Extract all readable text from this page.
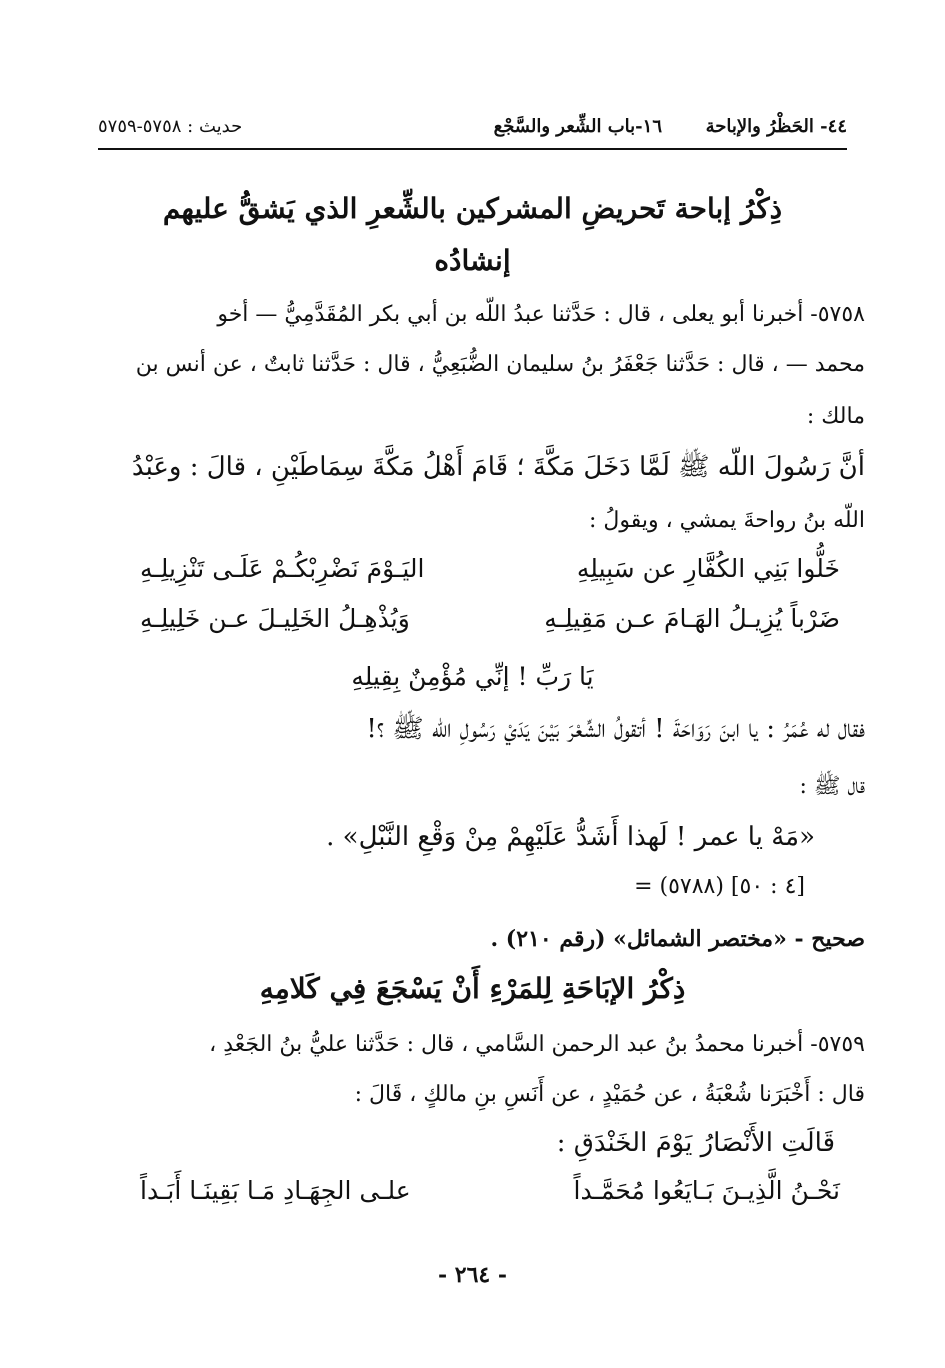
٤٤- الحَظْرُ والإباحة
١٦-باب الشِّعر والسَّجْع
حديث : ٥٧٥٨-٥٧٥٩
ذِكْرُ إباحة تَحريضِ المشركين بالشِّعرِ الذي يَشقُّ عليهم
إنشادُه
٥٧٥٨- أخبرنا أبو يعلى ، قال : حَدَّثنا عبدُ اللّه بن أبي بكر المُقَدَّمِيُّ — أخو
محمد — ، قال : حَدَّثنا جَعْفَرُ بنُ سليمان الضُّبَعِيُّ ، قال : حَدَّثنا ثابتٌ ، عن أنس بن
مالك :
أنَّ رَسُولَ اللّه ﷺ لَمَّا دَخَلَ مَكَّةَ ؛ قَامَ أَهْلُ مَكَّةَ سِمَاطَيْنِ ، قالَ : وعَبْدُ
اللّه بنُ رواحةَ يمشي ، ويقولُ :
خَلُّوا بَنِي الكُفَّارِ عن سَبِيلِهِ
اليَـوْمَ نَضْرِبْكُـمْ عَلَـى تَنْزِيلِـهِ
ضَرْباً يُزِيـلُ الهَـامَ عـن مَقِيلِـهِ
وَيُذْهِـلُ الخَلِيـلَ عـن خَلِيلِـهِ
يَا رَبِّ ! إنِّي مُؤْمِنٌ بِقِيلِهِ
فقال له عُمَرُ : يا ابنَ رَوَاحَةَ ! أتقولُ الشِّعْرَ بَيْنَ يَدَيْ رَسُولِ اللّه ﷺ ؟!
قال ﷺ :
«مَهْ يا عمر ! لَهذا أَشَدُّ عَلَيْهِمْ مِنْ وَقْعِ النَّبْلِ» .
= (٥٧٨٨) [٤ : ٥٠]
صحيح - «مختصر الشمائل» (رقم ٢١٠) .
ذِكْرُ الإبَاحَةِ لِلمَرْءِ أَنْ يَسْجَعَ فِي كَلامِهِ
٥٧٥٩- أخبرنا محمدُ بنُ عبد الرحمن السَّامي ، قال : حَدَّثنا عليُّ بنُ الجَعْدِ ،
قال : أَخْبَرَنا شُعْبَةُ ، عن حُمَيْدٍ ، عن أَنَسِ بنِ مالكٍ ، قَالَ :
قَالَتِ الأَنْصَارُ يَوْمَ الخَنْدَقِ :
نَحْـنُ الَّذِيـنَ بَـايَعُوا مُحَمَّـداً
علـى الجِهَـادِ مَـا بَقِينَـا أَبَـداً
- ٢٦٤ -
